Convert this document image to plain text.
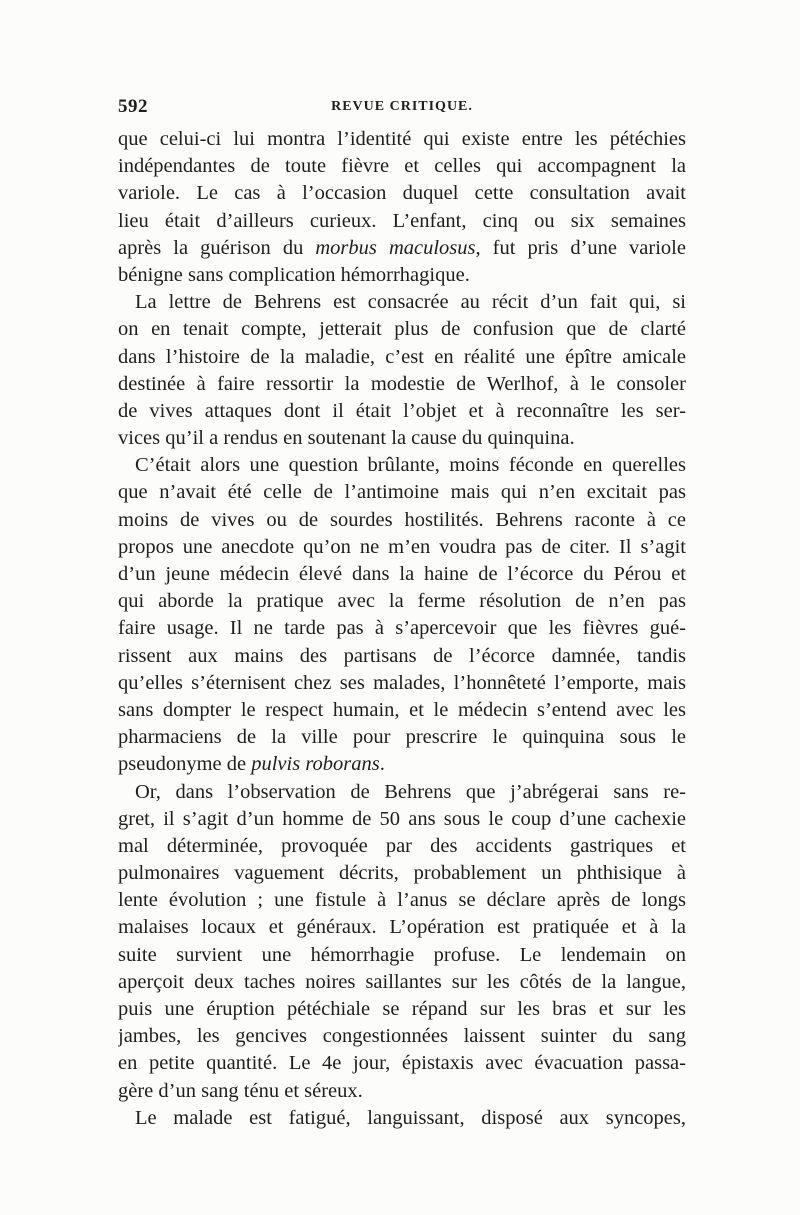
592	REVUE CRITIQUE.
que celui-ci lui montra l’identité qui existe entre les pétéchies
indépendantes de toute fièvre et celles qui accompagnent la
variole. Le cas à l’occasion duquel cette consultation avait
lieu était d’ailleurs curieux. L’enfant, cinq ou six semaines
après la guérison du morbus maculosus, fut pris d’une variole
bénigne sans complication hémorrhagique.
La lettre de Behrens est consacrée au récit d’un fait qui, si
on en tenait compte, jetterait plus de confusion que de clarté
dans l’histoire de la maladie, c’est en réalité une épître amicale
destinée à faire ressortir la modestie de Werlhof, à le consoler
de vives attaques dont il était l’objet et à reconnaître les ser-
vices qu’il a rendus en soutenant la cause du quinquina.
C’était alors une question brûlante, moins féconde en querelles
que n’avait été celle de l’antimoine mais qui n’en excitait pas
moins de vives ou de sourdes hostilités. Behrens raconte à ce
propos une anecdote qu’on ne m’en voudra pas de citer. Il s’agit
d’un jeune médecin élevé dans la haine de l’écorce du Pérou et
qui aborde la pratique avec la ferme résolution de n’en pas
faire usage. Il ne tarde pas à s’apercevoir que les fièvres gué-
rissent aux mains des partisans de l’écorce damnée, tandis
qu’elles s’éternisent chez ses malades, l’honnêteté l’emporte, mais
sans dompter le respect humain, et le médecin s’entend avec les
pharmaciens de la ville pour prescrire le quinquina sous le
pseudonyme de pulvis roborans.
Or, dans l’observation de Behrens que j’abrégerai sans re-
gret, il s’agit d’un homme de 50 ans sous le coup d’une cachexie
mal déterminée, provoquée par des accidents gastriques et
pulmonaires vaguement décrits, probablement un phthisique à
lente évolution ; une fistule à l’anus se déclare après de longs
malaises locaux et généraux. L’opération est pratiquée et à la
suite survient une hémorrhagie profuse. Le lendemain on
aperçoit deux taches noires saillantes sur les côtés de la langue,
puis une éruption pétéchiale se répand sur les bras et sur les
jambes, les gencives congestionnées laissent suinter du sang
en petite quantité. Le 4e jour, épistaxis avec évacuation passa-
gère d’un sang ténu et séreux.
Le malade est fatigué, languissant, disposé aux syncopes,
